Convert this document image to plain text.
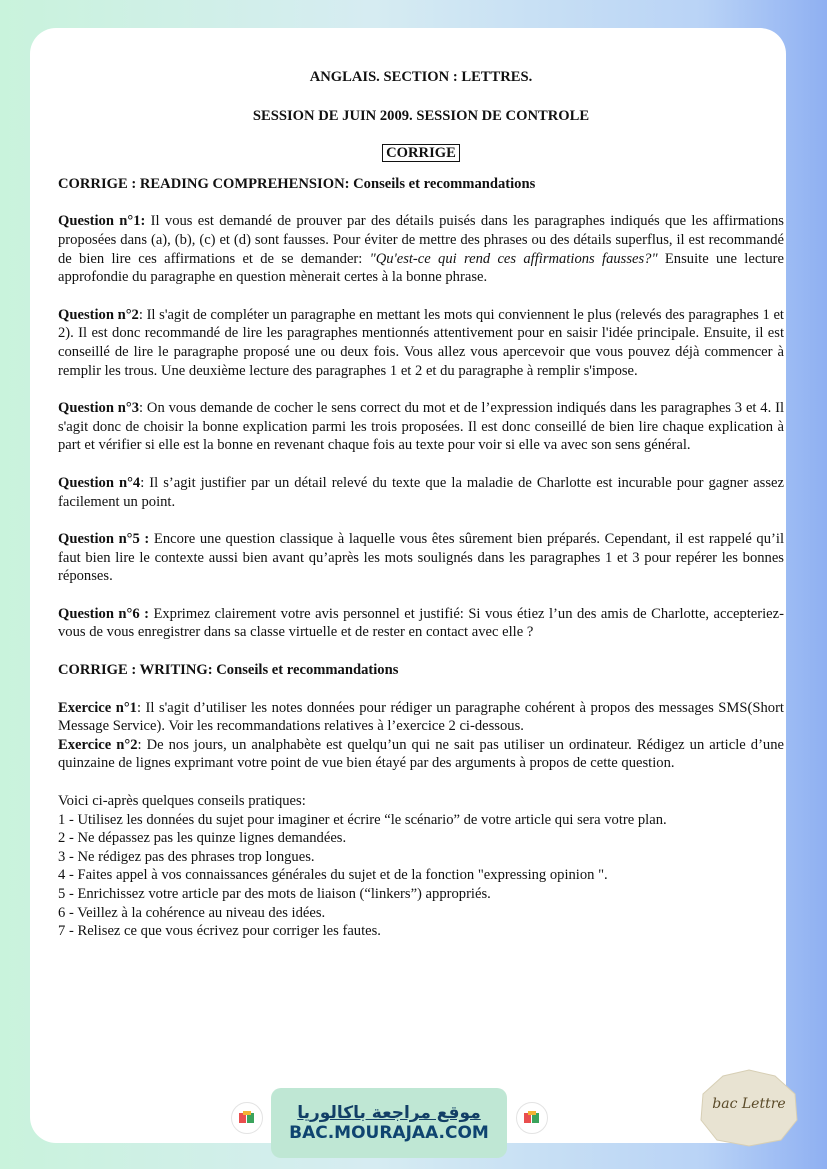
ANGLAIS. SECTION : LETTRES.
SESSION DE JUIN 2009. SESSION DE CONTROLE
CORRIGE
CORRIGE : READING COMPREHENSION: Conseils et recommandations

Question n°1: Il vous est demandé de prouver par des détails puisés dans les paragraphes indiqués que les affirmations proposées dans (a), (b), (c) et (d) sont fausses. Pour éviter de mettre des phrases ou des détails superflus, il est recommandé de bien lire ces affirmations et de se demander: "Qu'est-ce qui rend ces affirmations fausses?" Ensuite une lecture approfondie du paragraphe en question mènerait certes à la bonne phrase.

Question n°2: Il s'agit de compléter un paragraphe en mettant les mots qui conviennent le plus (relevés des paragraphes 1 et 2). Il est donc recommandé de lire les paragraphes mentionnés attentivement pour en saisir l'idée principale. Ensuite, il est conseillé de lire le paragraphe proposé une ou deux fois. Vous allez vous apercevoir que vous pouvez déjà commencer à remplir les trous. Une deuxième lecture des paragraphes 1 et 2 et du paragraphe à remplir s'impose.

Question n°3: On vous demande de cocher le sens correct du mot et de l’expression indiqués dans les paragraphes 3 et 4. Il s'agit donc de choisir la bonne explication parmi les trois proposées. Il est donc conseillé de bien lire chaque explication à part et vérifier si elle est la bonne en revenant chaque fois au texte pour voir si elle va avec son sens général.

Question n°4: Il s’agit justifier par un détail relevé du texte que la maladie de Charlotte est incurable pour gagner assez facilement un point.

Question n°5 : Encore une question classique à laquelle vous êtes sûrement bien préparés. Cependant, il est rappelé qu’il faut bien lire le contexte aussi bien avant qu’après les mots soulignés dans les paragraphes 1 et 3 pour repérer les bonnes réponses.

Question n°6 : Exprimez clairement votre avis personnel et justifié: Si vous étiez l’un des amis de Charlotte, accepteriez-vous de vous enregistrer dans sa classe virtuelle et de rester en contact avec elle ?

CORRIGE : WRITING: Conseils et recommandations

Exercice n°1: Il s'agit d’utiliser les notes données pour rédiger un paragraphe cohérent à propos des messages SMS(Short Message Service). Voir les recommandations relatives à l’exercice 2 ci-dessous.

Exercice n°2: De nos jours, un analphabète est quelqu’un qui ne sait pas utiliser un ordinateur. Rédigez un article d’une quinzaine de lignes exprimant votre point de vue bien étayé par des arguments à propos de cette question.

Voici ci-après quelques conseils pratiques:
1 - Utilisez les données du sujet pour imaginer et écrire “le scénario” de votre article qui sera votre plan.
2 - Ne dépassez pas les quinze lignes demandées.
3 - Ne rédigez pas des phrases trop longues.
4 - Faites appel à vos connaissances générales du sujet et de la fonction "expressing opinion ".
5 - Enrichissez votre article par des mots de liaison (“linkers”) appropriés.
6 - Veillez à la cohérence au niveau des idées.
7 - Relisez ce que vous écrivez pour corriger les fautes.
موقع مراجعة باكالوريا
BAC.MOURAJAA.COM
bac Lettre
